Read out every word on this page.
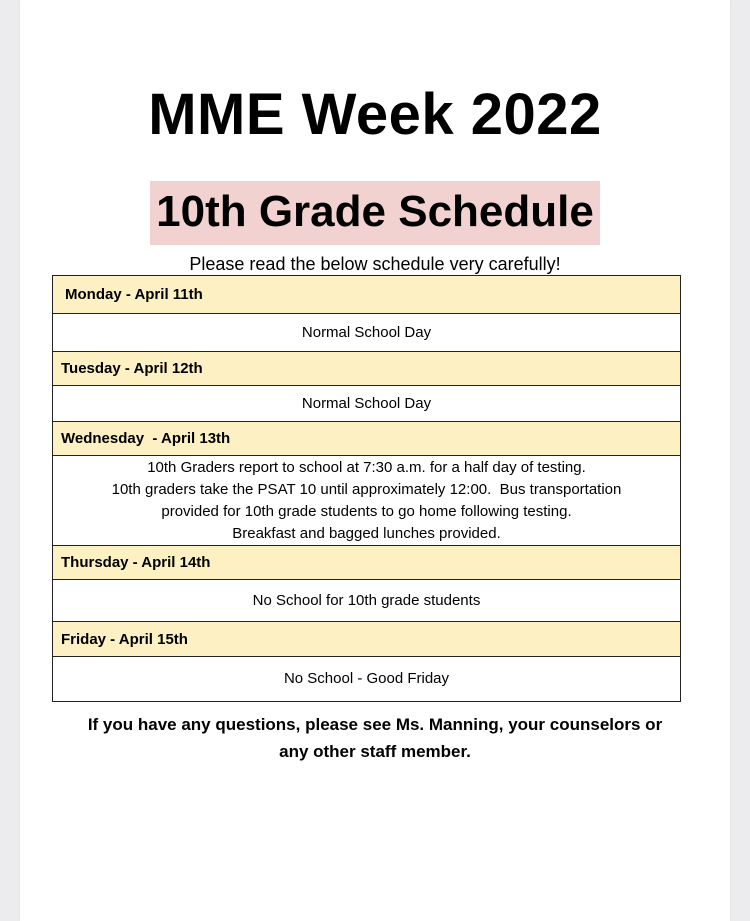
MME Week 2022
10th Grade Schedule
Please read the below schedule very carefully!
Monday - April 11th
Normal School Day
Tuesday - April 12th
Normal School Day
Wednesday  - April 13th

10th Graders report to school at 7:30 a.m. for a half day of testing.
10th graders take the PSAT 10 until approximately 12:00.  Bus transportation
provided for 10th grade students to go home following testing.
Breakfast and bagged lunches provided.

Thursday - April 14th
No School for 10th grade students
Friday - April 15th
No School - Good Friday
If you have any questions, please see Ms. Manning, your counselors or
any other staff member.
